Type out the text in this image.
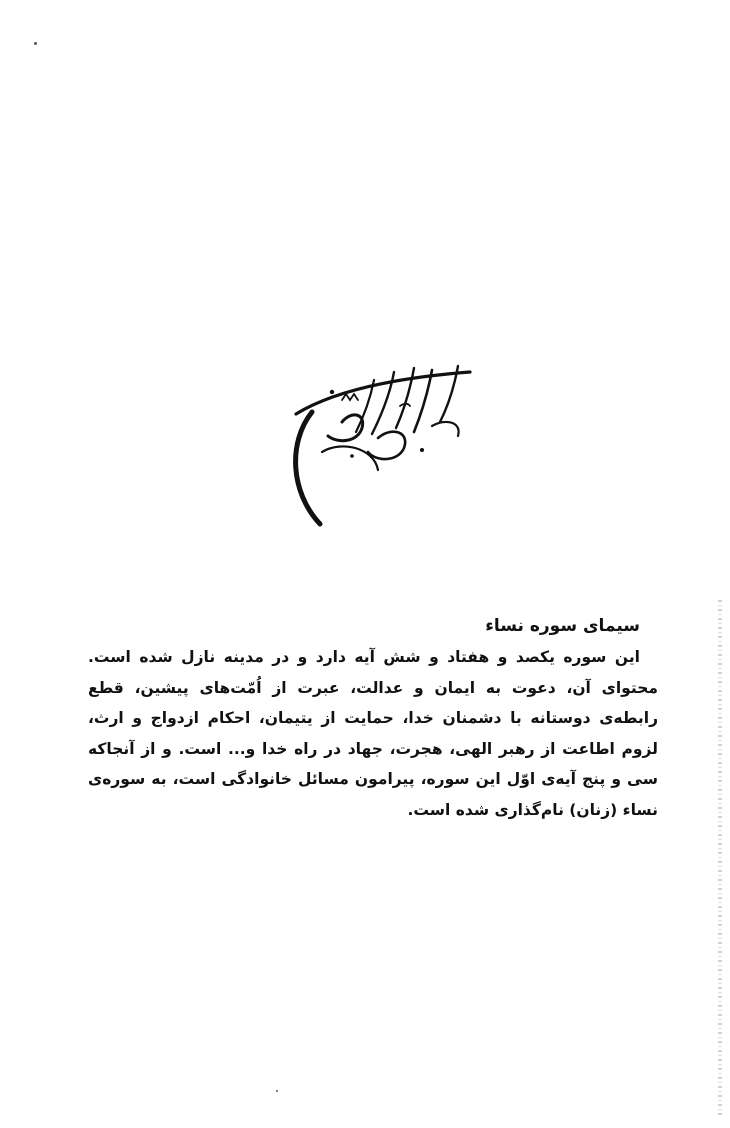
سیمای سوره نساء

این سوره یکصد و هفتاد و شش آیه دارد و در مدینه نازل شده است. محتوای آن، دعوت به ایمان و عدالت، عبرت از اُمّت‌های پیشین، قطع رابطه‌ی دوستانه با دشمنان خدا، حمایت از یتیمان، احکام ازدواج و ارث، لزوم اطاعت از رهبر الهی، هجرت، جهاد در راه خدا و... است. و از آنجاکه سی و پنج آیه‌ی اوّل این سوره، پیرامون مسائل خانوادگی است، به سوره‌ی نساء (زنان) نام‌گذاری شده است.
